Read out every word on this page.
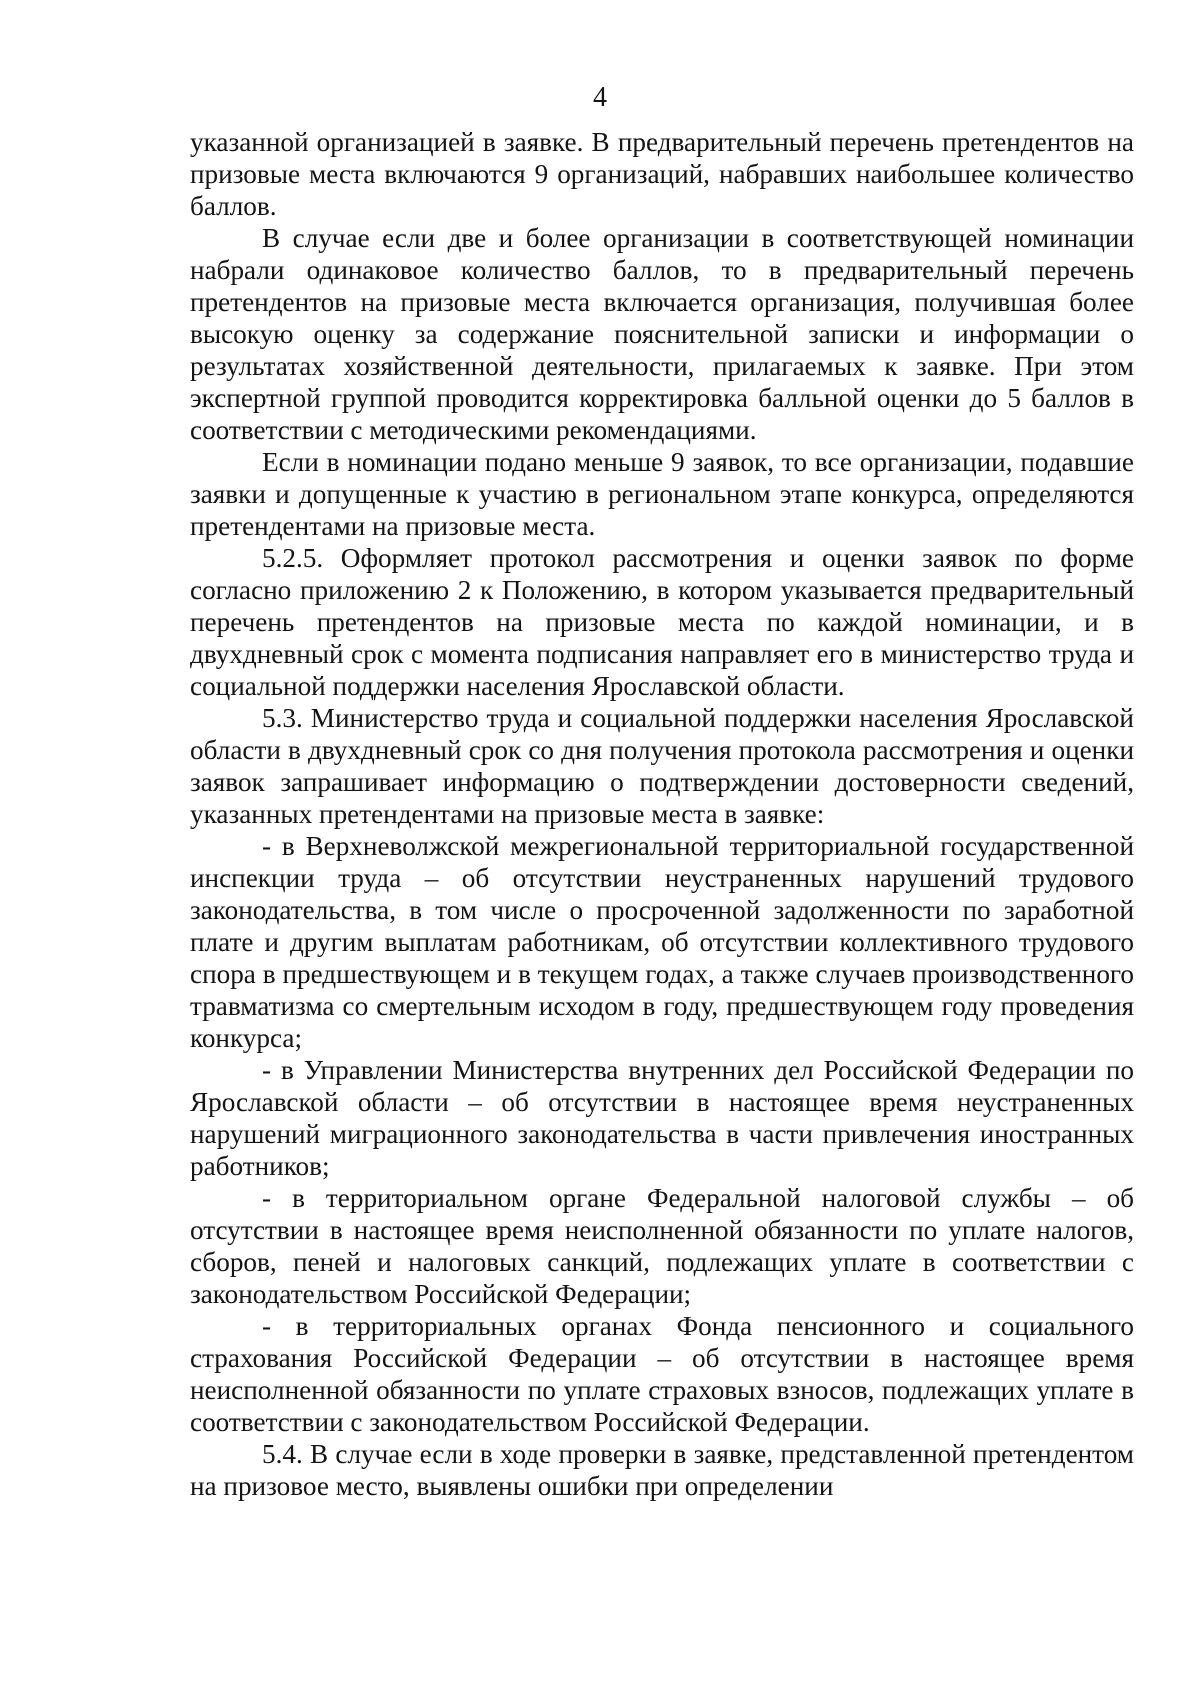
4

указанной организацией в заявке. В предварительный перечень претендентов на призовые места включаются 9 организаций, набравших наибольшее количество баллов.

В случае если две и более организации в соответствующей номинации набрали одинаковое количество баллов, то в предварительный перечень претендентов на призовые места включается организация, получившая более высокую оценку за содержание пояснительной записки и информации о результатах хозяйственной деятельности, прилагаемых к заявке. При этом экспертной группой проводится корректировка балльной оценки до 5 баллов в соответствии с методическими рекомендациями.

Если в номинации подано меньше 9 заявок, то все организации, подавшие заявки и допущенные к участию в региональном этапе конкурса, определяются претендентами на призовые места.

5.2.5. Оформляет протокол рассмотрения и оценки заявок по форме согласно приложению 2 к Положению, в котором указывается предварительный перечень претендентов на призовые места по каждой номинации, и в двухдневный срок с момента подписания направляет его в министерство труда и социальной поддержки населения Ярославской области.

5.3. Министерство труда и социальной поддержки населения Ярославской области в двухдневный срок со дня получения протокола рассмотрения и оценки заявок запрашивает информацию о подтверждении достоверности сведений, указанных претендентами на призовые места в заявке:

- в Верхневолжской межрегиональной территориальной государственной инспекции труда – об отсутствии неустраненных нарушений трудового законодательства, в том числе о просроченной задолженности по заработной плате и другим выплатам работникам, об отсутствии коллективного трудового спора в предшествующем и в текущем годах, а также случаев производственного травматизма со смертельным исходом в году, предшествующем году проведения конкурса;

- в Управлении Министерства внутренних дел Российской Федерации по Ярославской области – об отсутствии в настоящее время неустраненных нарушений миграционного законодательства в части привлечения иностранных работников;

- в территориальном органе Федеральной налоговой службы – об отсутствии в настоящее время неисполненной обязанности по уплате налогов, сборов, пеней и налоговых санкций, подлежащих уплате в соответствии с законодательством Российской Федерации;

- в территориальных органах Фонда пенсионного и социального страхования Российской Федерации – об отсутствии в настоящее время неисполненной обязанности по уплате страховых взносов, подлежащих уплате в соответствии с законодательством Российской Федерации.

5.4. В случае если в ходе проверки в заявке, представленной претендентом на призовое место, выявлены ошибки при определении
